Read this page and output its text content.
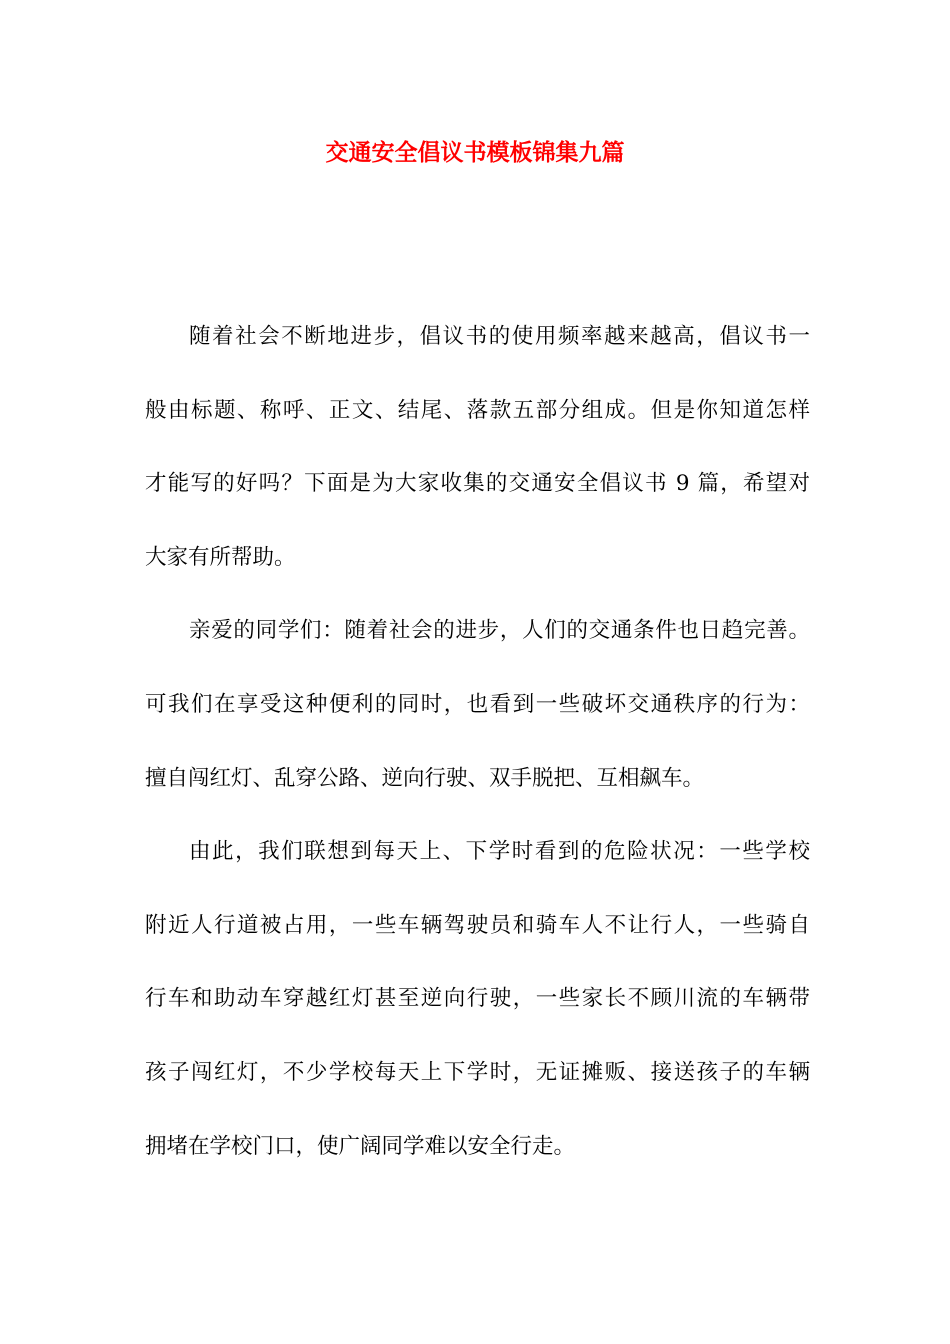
交通安全倡议书模板锦集九篇
随着社会不断地进步，倡议书的使用频率越来越高，倡议书一
般由标题、称呼、正文、结尾、落款五部分组成。但是你知道怎样
才能写的好吗？下面是为大家收集的交通安全倡议书 9 篇，希望对
大家有所帮助。
亲爱的同学们：随着社会的进步，人们的交通条件也日趋完善。
可我们在享受这种便利的同时，也看到一些破坏交通秩序的行为：
擅自闯红灯、乱穿公路、逆向行驶、双手脱把、互相飙车。
由此，我们联想到每天上、下学时看到的危险状况：一些学校
附近人行道被占用，一些车辆驾驶员和骑车人不让行人，一些骑自
行车和助动车穿越红灯甚至逆向行驶，一些家长不顾川流的车辆带
孩子闯红灯，不少学校每天上下学时，无证摊贩、接送孩子的车辆
拥堵在学校门口，使广阔同学难以安全行走。
